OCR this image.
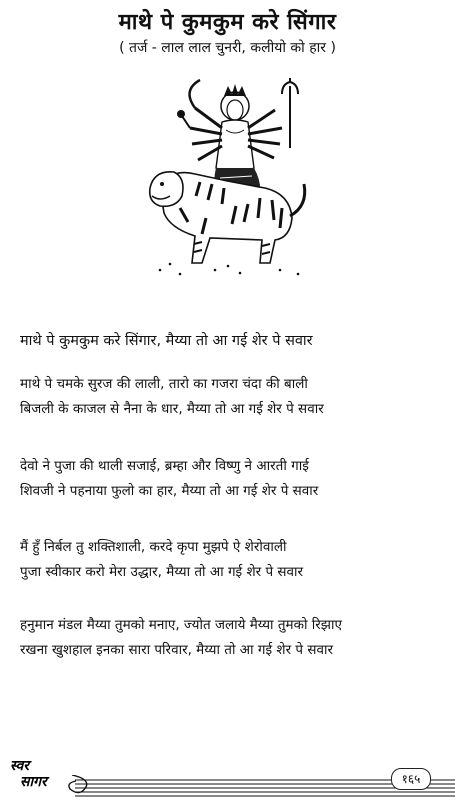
माथे पे कुमकुम करे सिंगार
( तर्ज - लाल लाल चुनरी, कलीयो को हार )
माथे पे कुमकुम करे सिंगार, मैय्या तो आ गई शेर पे सवार
माथे पे चमके सुरज की लाली, तारो का गजरा चंदा की बाली
बिजली के काजल से नैना के धार, मैय्या तो आ गई शेर पे सवार
देवो ने पुजा की थाली सजाई, ब्रम्हा और विष्णु ने आरती गाई
शिवजी ने पहनाया फुलो का हार, मैय्या तो आ गई शेर पे सवार
मैं हुँ निर्बल तु शक्तिशाली, करदे कृपा मुझपे ऐ शेरोवाली
पुजा स्वीकार करो मेरा उद्धार, मैय्या तो आ गई शेर पे सवार
हनुमान मंडल मैय्या तुमको मनाए, ज्योत जलाये मैय्या तुमको रिझाए
रखना खुशहाल इनका सारा परिवार, मैय्या तो आ गई शेर पे सवार
स्वर
सागर	१६५
